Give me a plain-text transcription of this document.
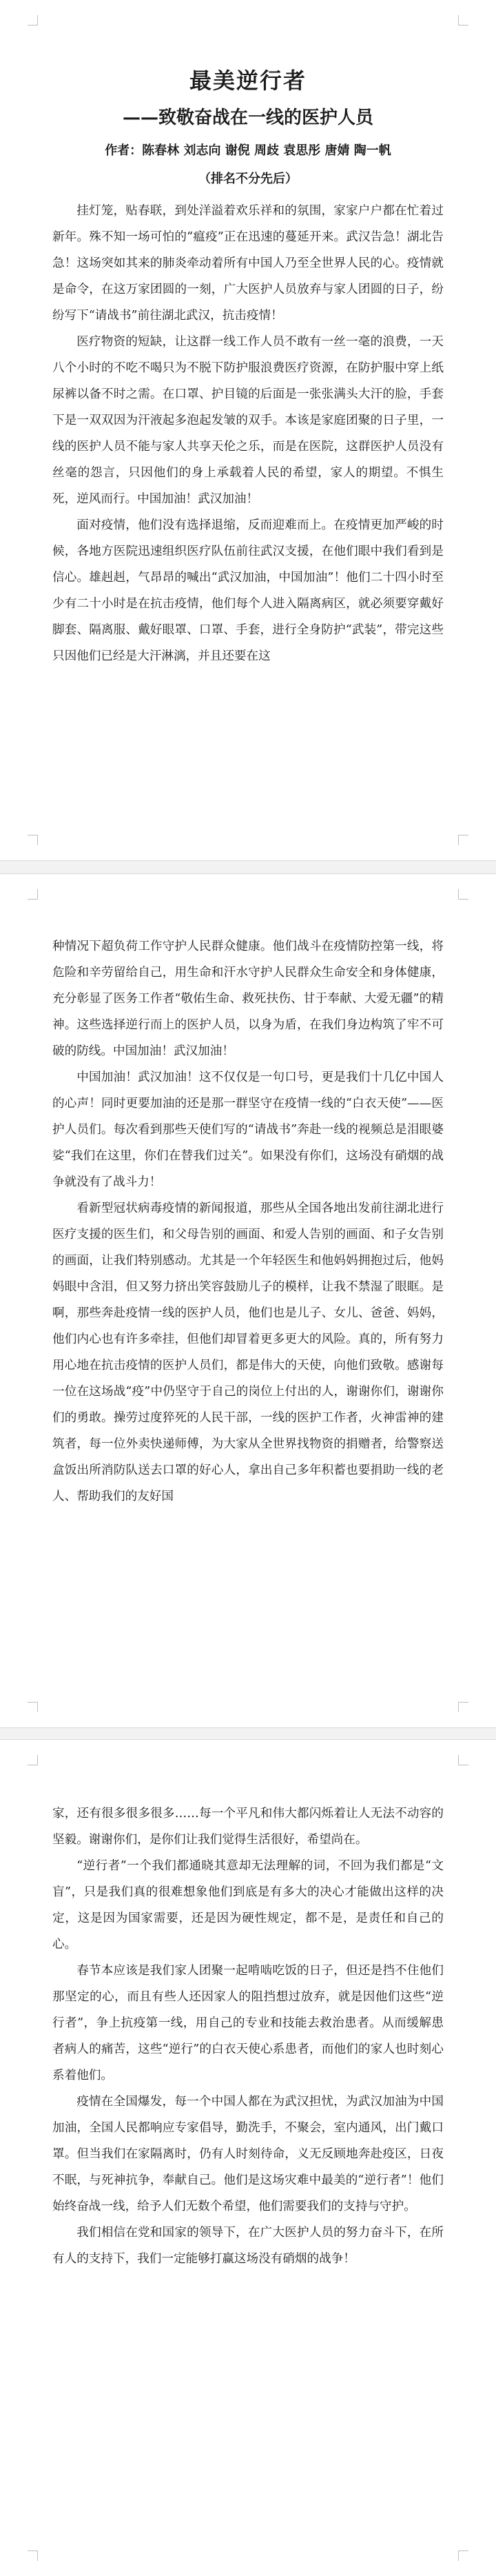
最美逆行者
——致敬奋战在一线的医护人员

作者：陈春林 刘志向 谢倪 周歧 袁思彤 唐婧 陶一帆

（排名不分先后）

挂灯笼，贴春联，到处洋溢着欢乐祥和的氛围，家家户户都在忙着过新年。殊不知一场可怕的“瘟疫”正在迅速的蔓延开来。武汉告急！湖北告急！这场突如其来的肺炎牵动着所有中国人乃至全世界人民的心。疫情就是命令，在这万家团圆的一刻，广大医护人员放弃与家人团圆的日子，纷纷写下“请战书”前往湖北武汉，抗击疫情！

医疗物资的短缺，让这群一线工作人员不敢有一丝一毫的浪费，一天八个小时的不吃不喝只为不脱下防护服浪费医疗资源，在防护服中穿上纸尿裤以备不时之需。在口罩、护目镜的后面是一张张满头大汗的脸，手套下是一双双因为汗液起多泡起发皱的双手。本该是家庭团聚的日子里，一线的医护人员不能与家人共享天伦之乐，而是在医院，这群医护人员没有丝毫的怨言，只因他们的身上承载着人民的希望，家人的期望。不惧生死，逆风而行。中国加油！武汉加油！

面对疫情，他们没有选择退缩，反而迎难而上。在疫情更加严峻的时候，各地方医院迅速组织医疗队伍前往武汉支援，在他们眼中我们看到是信心。雄赳赳，气昂昂的喊出“武汉加油，中国加油”！他们二十四小时至少有二十小时是在抗击疫情，他们每个人进入隔离病区，就必须要穿戴好脚套、隔离服、戴好眼罩、口罩、手套，进行全身防护“武装”，带完这些只因他们已经是大汗淋漓，并且还要在这

种情况下超负荷工作守护人民群众健康。他们战斗在疫情防控第一线，将危险和辛劳留给自己，用生命和汗水守护人民群众生命安全和身体健康，充分彰显了医务工作者“敬佑生命、救死扶伤、甘于奉献、大爱无疆”的精神。这些选择逆行而上的医护人员，以身为盾，在我们身边构筑了牢不可破的防线。中国加油！武汉加油！

中国加油！武汉加油！这不仅仅是一句口号，更是我们十几亿中国人的心声！同时更要加油的还是那一群坚守在疫情一线的“白衣天使”——医护人员们。每次看到那些天使们写的“请战书”奔赴一线的视频总是泪眼婆娑“我们在这里，你们在替我们过关”。如果没有你们，这场没有硝烟的战争就没有了战斗力！

看新型冠状病毒疫情的新闻报道，那些从全国各地出发前往湖北进行医疗支援的医生们，和父母告别的画面、和爱人告别的画面、和子女告别的画面，让我们特别感动。尤其是一个年轻医生和他妈妈拥抱过后，他妈妈眼中含泪，但又努力挤出笑容鼓励儿子的模样，让我不禁湿了眼眶。是啊，那些奔赴疫情一线的医护人员，他们也是儿子、女儿、爸爸、妈妈，他们内心也有许多牵挂，但他们却冒着更多更大的风险。真的，所有努力用心地在抗击疫情的医护人员们，都是伟大的天使，向他们致敬。感谢每一位在这场战“疫”中仍坚守于自己的岗位上付出的人，谢谢你们，谢谢你们的勇敢。操劳过度猝死的人民干部，一线的医护工作者，火神雷神的建筑者，每一位外卖快递师傅，为大家从全世界找物资的捐赠者，给警察送盒饭出所消防队送去口罩的好心人，拿出自己多年积蓄也要捐助一线的老人、帮助我们的友好国

家，还有很多很多很多……每一个平凡和伟大都闪烁着让人无法不动容的坚毅。谢谢你们，是你们让我们觉得生活很好，希望尚在。

“逆行者”一个我们都通晓其意却无法理解的词，不回为我们都是“文盲”，只是我们真的很难想象他们到底是有多大的决心才能做出这样的决定，这是因为国家需要，还是因为硬性规定，都不是，是责任和自己的心。

春节本应该是我们家人团聚一起啃啮吃饭的日子，但还是挡不住他们那坚定的心，而且有些人还因家人的阻挡想过放弃，就是因他们这些“逆行者”，争上抗疫第一线，用自己的专业和技能去救治患者。从而缓解患者病人的痛苦，这些“逆行”的白衣天使心系患者，而他们的家人也时刻心系着他们。

疫情在全国爆发，每一个中国人都在为武汉担忧，为武汉加油为中国加油，全国人民都响应专家倡导，勤洗手，不聚会，室内通风，出门戴口罩。但当我们在家隔离时，仍有人时刻待命，义无反顾地奔赴疫区，日夜不眠，与死神抗争，奉献自己。他们是这场灾难中最美的“逆行者”！他们始终奋战一线，给予人们无数个希望，他们需要我们的支持与守护。

我们相信在党和国家的领导下，在广大医护人员的努力奋斗下，在所有人的支持下，我们一定能够打赢这场没有硝烟的战争！
